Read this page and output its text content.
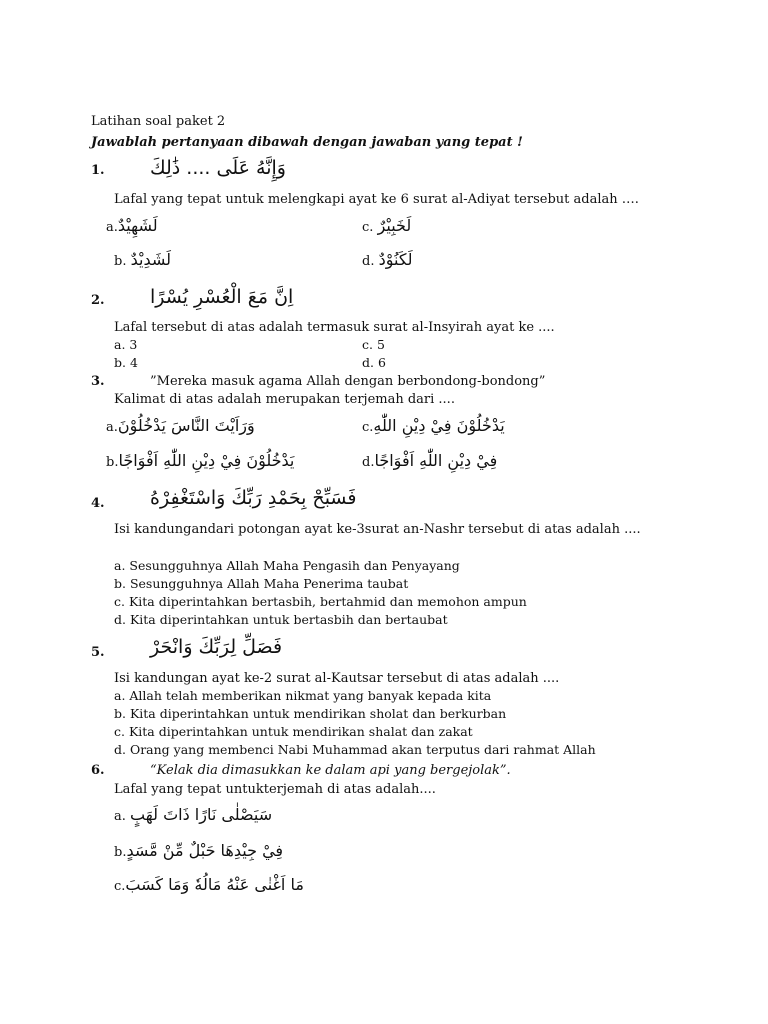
Latihan soal paket 2
Jawablah pertanyaan dibawah dengan jawaban yang tepat !
1. وَإِنَّهُ عَلَى .... ذَٰلِكَ
Lafal yang tepat untuk melengkapi ayat ke 6 surat al-Adiyat tersebut adalah ….
a.لَشَهِيْدٌ	c. لَخَبِيْرٌ
b. لَشَدِيْدٌ	d. لَكَنُوْدٌ
2. اِنَّ مَعَ الْعُسْرِ يُسْرًا
Lafal tersebut di atas adalah termasuk surat al-Insyirah ayat ke ....
a. 3	c. 5
b. 4	d. 6
3.	”Mereka masuk agama Allah dengan berbondong-bondong”
Kalimat di atas adalah merupakan terjemah dari ....
a.وَرَاَيْتَ النَّاسَ يَدْخُلُوْنَ	c.يَدْخُلُوْنَ فِيْ دِيْنِ اللّٰهِ
b.يَدْخُلُوْنَ فِيْ دِيْنِ اللّٰهِ اَفْوَاجًا	d.فِيْ دِيْنِ اللّٰهِ اَفْوَاجًا
4. فَسَبِّحْ بِحَمْدِ رَبِّكَ وَاسْتَغْفِرْهُ
Isi kandungandari potongan ayat ke-3surat an-Nashr tersebut di atas adalah ....
a. Sesungguhnya Allah Maha Pengasih dan Penyayang
b. Sesungguhnya Allah Maha Penerima taubat
c. Kita diperintahkan bertasbih, bertahmid dan memohon ampun
d. Kita diperintahkan untuk bertasbih dan bertaubat
5. فَصَلِّ لِرَبِّكَ وَانْحَرْ
Isi kandungan ayat ke-2 surat al-Kautsar tersebut di atas adalah ....
a. Allah telah memberikan nikmat yang banyak kepada kita
b. Kita diperintahkan untuk mendirikan sholat dan berkurban
c. Kita diperintahkan untuk mendirikan shalat dan zakat
d. Orang yang membenci Nabi Muhammad akan terputus dari rahmat Allah
6.	“Kelak dia dimasukkan ke dalam api yang bergejolak”.
Lafal yang tepat untukterjemah di atas adalah....
a. سَيَصْلٰى نَارًا ذَاتَ لَهَبٍ
b.فِيْ جِيْدِهَا حَبْلٌ مِّنْ مَّسَدٍ
c.مَا اَغْنٰى عَنْهُ مَالُهٗ وَمَا كَسَبَ
